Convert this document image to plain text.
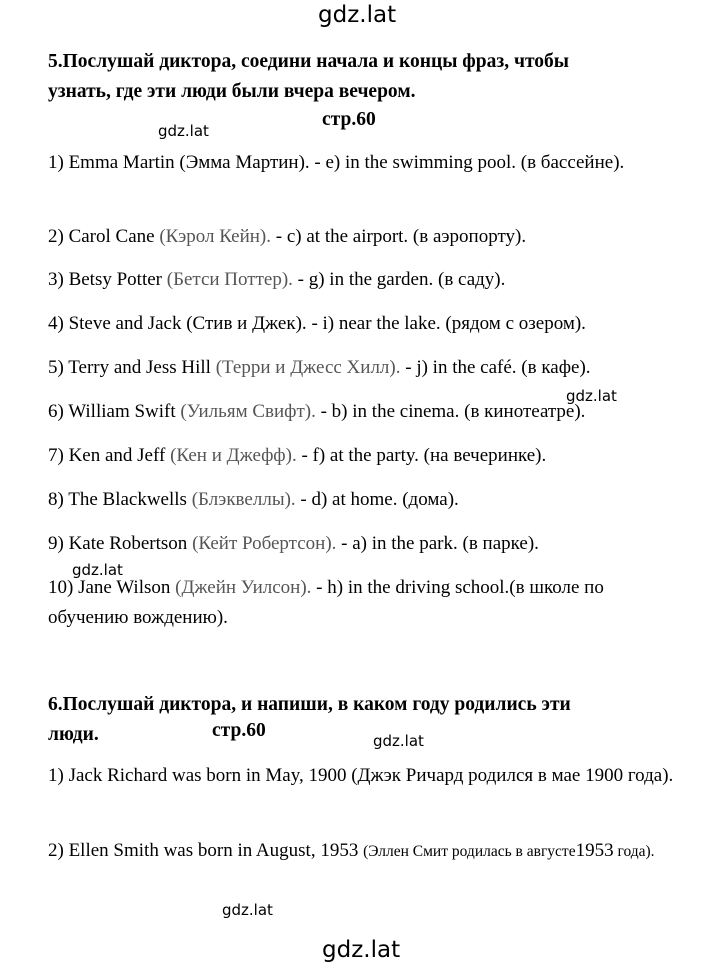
gdz.lat
gdz.lat
gdz.lat
gdz.lat
gdz.lat
gdz.lat
gdz.lat
5.Послушай диктора, соедини начала и концы фраз, чтобы
узнать, где эти люди были вчера вечером.
стр.60
1) Emma Martin (Эмма Мартин). - e) in the swimming pool. (в бассейне).
2) Carol Cane (Кэрол Кейн). - c) at the airport. (в аэропорту).
3) Betsy Potter (Бетси Поттер). - g) in the garden. (в саду).
4) Steve and Jack (Стив и Джек). - i) near the lake. (рядом с озером).
5) Terry and Jess Hill (Терри и Джесс Хилл). - j) in the café. (в кафе).
6) William Swift (Уильям Свифт). - b) in the cinema. (в кинотеатре).
7) Ken and Jeff (Кен и Джефф). - f) at the party. (на вечеринке).
8) The Blackwells (Блэквеллы). - d) at home. (дома).
9) Kate Robertson (Кейт Робертсон). - a) in the park. (в парке).
10) Jane Wilson (Джейн Уилсон). - h) in the driving school.(в школе по обучению вождению).
6.Послушай диктора, и напиши, в каком году родились эти
люди.	стр.60
1) Jack Richard was born in May, 1900 (Джэк Ричард родился в мае 1900 года).
2) Ellen Smith was born in August, 1953 (Эллен Смит родилась в августе1953 года).
